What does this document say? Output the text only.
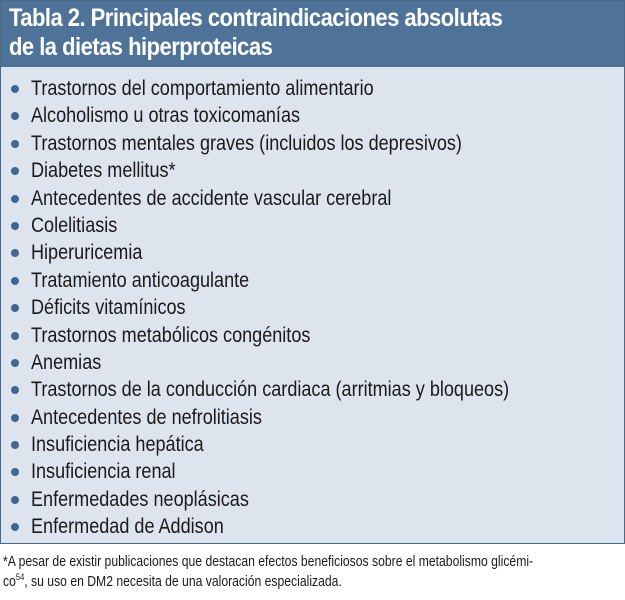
Tabla 2. Principales contraindicaciones absolutas
de la dietas hiperproteicas
Trastornos del comportamiento alimentario
Alcoholismo u otras toxicomanías
Trastornos mentales graves (incluidos los depresivos)
Diabetes mellitus*
Antecedentes de accidente vascular cerebral
Colelitiasis
Hiperuricemia
Tratamiento anticoagulante
Déficits vitamínicos
Trastornos metabólicos congénitos
Anemias
Trastornos de la conducción cardiaca (arritmias y bloqueos)
Antecedentes de nefrolitiasis
Insuficiencia hepática
Insuficiencia renal
Enfermedades neoplásicas
Enfermedad de Addison

*A pesar de existir publicaciones que destacan efectos beneficiosos sobre el metabolismo glicémi-
co$^{54}$, su uso en DM2 necesita de una valoración especializada.
